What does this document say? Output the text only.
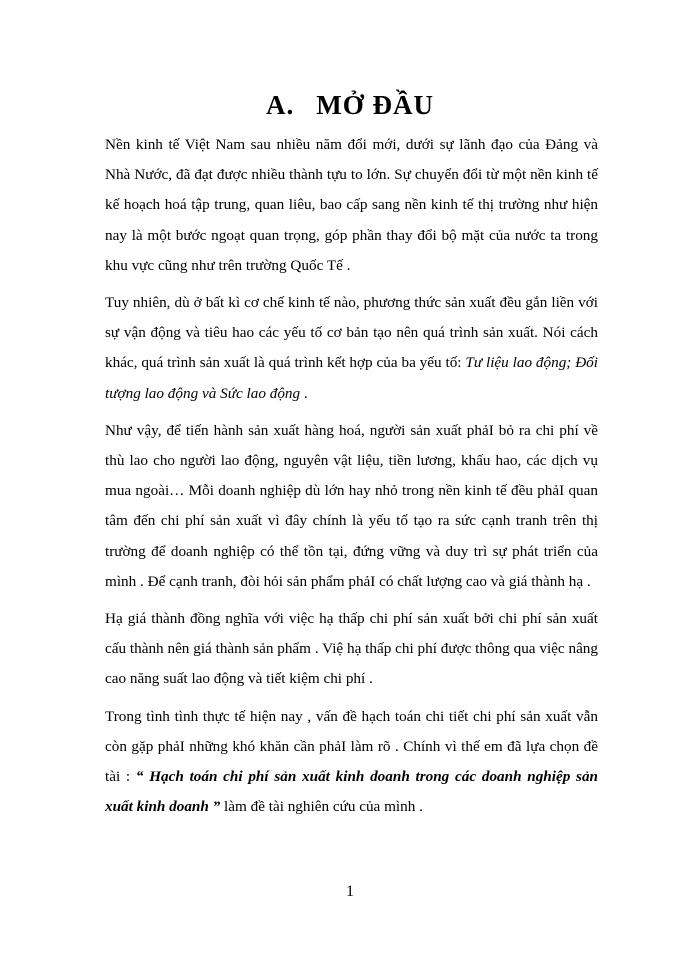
A. MỞ ĐẦU

Nền kinh tế Việt Nam sau nhiều năm đổi mới, dưới sự lãnh đạo của Đảng và Nhà Nước, đã đạt được nhiều thành tựu to lớn. Sự chuyển đổi từ một nền kinh tế kế hoạch hoá tập trung, quan liêu, bao cấp sang nền kinh tế thị trường như hiện nay là một bước ngoạt quan trọng, góp phần thay đổi bộ mặt của nước ta trong khu vực cũng như trên trường Quốc Tế .

Tuy nhiên, dù ở bất kì cơ chế kinh tế nào, phương thức sản xuất đều gắn liền với sự vận động và tiêu hao các yếu tố cơ bản tạo nên quá trình sản xuất. Nói cách khác, quá trình sản xuất là quá trình kết hợp của ba yếu tố: Tư liệu lao động; Đối tượng lao động và Sức lao động .

Như vậy, để tiến hành sản xuất hàng hoá, người sản xuất phảI bỏ ra chi phí về thù lao cho người lao động, nguyên vật liệu, tiền lương, khấu hao, các dịch vụ mua ngoài… Mỗi doanh nghiệp dù lớn hay nhỏ trong nền kinh tế đều phảI quan tâm đến chi phí sản xuất vì đây chính là yếu tố tạo ra sức cạnh tranh trên thị trường để doanh nghiệp có thể tồn tại, đứng vững và duy trì sự phát triển của mình . Để cạnh tranh, đòi hỏi sản phẩm phảI có chất lượng cao và giá thành hạ .

Hạ giá thành đồng nghĩa với việc hạ thấp chi phí sản xuất bởi chi phí sản xuất cấu thành nên giá thành sản phẩm . Việ hạ thấp chi phí được thông qua việc nâng cao năng suất lao động và tiết kiệm chi phí .

Trong tình tình thực tế hiện nay , vấn đề hạch toán chi tiết chi phí sản xuất vẫn còn gặp phảI những khó khăn cần phảI làm rõ . Chính vì thế em đã lựa chọn đề tài : “ Hạch toán chi phí sản xuất kinh doanh trong các doanh nghiệp sản xuất kinh doanh ” làm đề tài nghiên cứu của mình .

1
